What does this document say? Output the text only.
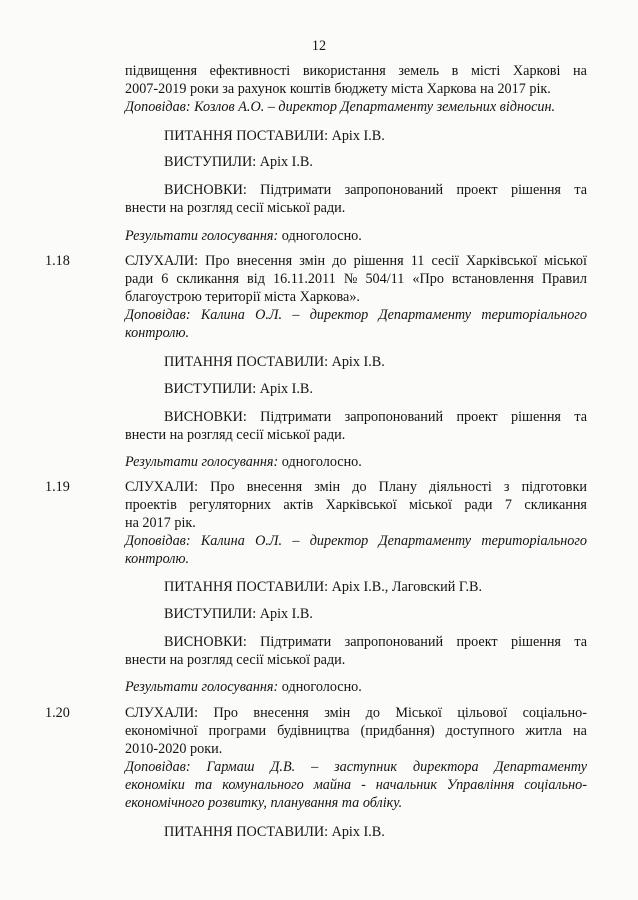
12
підвищення ефективності використання земель в місті Харкові на
2007-2019 роки за рахунок коштів бюджету міста Харкова на 2017 рік.
Доповідав: Козлов А.О. – директор Департаменту земельних відносин.
ПИТАННЯ ПОСТАВИЛИ: Аріх І.В.
ВИСТУПИЛИ: Аріх І.В.
ВИСНОВКИ: Підтримати запропонований проект рішення та
внести на розгляд сесії міської ради.
Результати голосування: одноголосно.
1.18	СЛУХАЛИ: Про внесення змін до рішення 11 сесії Харківської міської
ради 6 скликання від 16.11.2011 № 504/11 «Про встановлення Правил
благоустрою території міста Харкова».
Доповідав: Калина О.Л. – директор Департаменту територіального
контролю.
ПИТАННЯ ПОСТАВИЛИ: Аріх І.В.
ВИСТУПИЛИ: Аріх І.В.
ВИСНОВКИ: Підтримати запропонований проект рішення та
внести на розгляд сесії міської ради.
Результати голосування: одноголосно.
1.19	СЛУХАЛИ: Про внесення змін до Плану діяльності з підготовки
проектів регуляторних актів Харківської міської ради 7 скликання
на 2017 рік.
Доповідав: Калина О.Л. – директор Департаменту територіального
контролю.
ПИТАННЯ ПОСТАВИЛИ: Аріх І.В., Лаговский Г.В.
ВИСТУПИЛИ: Аріх І.В.
ВИСНОВКИ: Підтримати запропонований проект рішення та
внести на розгляд сесії міської ради.
Результати голосування: одноголосно.
1.20	СЛУХАЛИ: Про внесення змін до Міської цільової соціально-
економічної програми будівництва (придбання) доступного житла на
2010-2020 роки.
Доповідав: Гармаш Д.В. – заступник директора Департаменту
економіки та комунального майна - начальник Управління соціально-
економічного розвитку, планування та обліку.
ПИТАННЯ ПОСТАВИЛИ: Аріх І.В.
